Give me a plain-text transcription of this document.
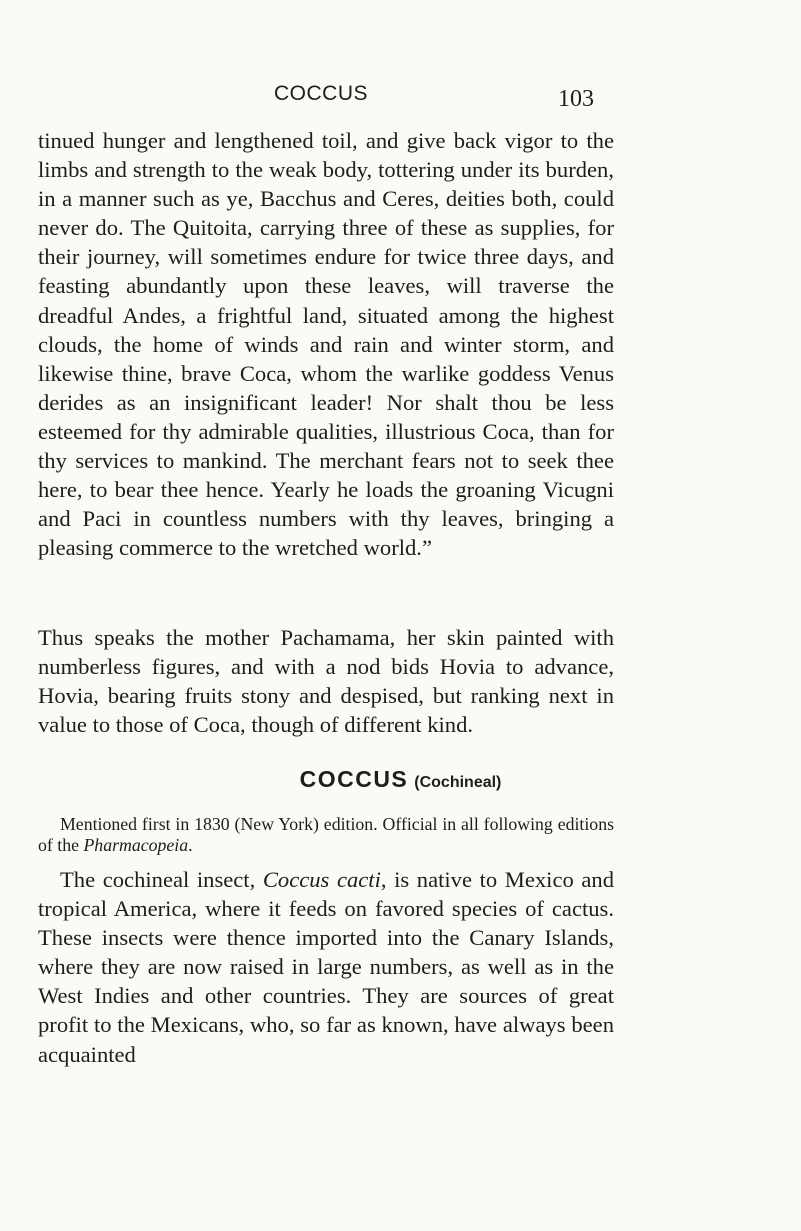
COCCUS	103

tinued hunger and lengthened toil, and give back vigor to the limbs and strength to the weak body, tottering under its burden, in a manner such as ye, Bacchus and Ceres, deities both, could never do. The Quitoita, carrying three of these as supplies, for their journey, will sometimes endure for twice three days, and feasting abundantly upon these leaves, will traverse the dreadful Andes, a frightful land, situated among the highest clouds, the home of winds and rain and winter storm, and likewise thine, brave Coca, whom the warlike goddess Venus derides as an insignificant leader! Nor shalt thou be less esteemed for thy admirable qualities, illustrious Coca, than for thy services to mankind. The merchant fears not to seek thee here, to bear thee hence. Yearly he loads the groaning Vicugni and Paci in countless numbers with thy leaves, bringing a pleasing commerce to the wretched world.”

Thus speaks the mother Pachamama, her skin painted with numberless figures, and with a nod bids Hovia to advance, Hovia, bearing fruits stony and despised, but ranking next in value to those of Coca, though of different kind.

COCCUS (Cochineal)

Mentioned first in 1830 (New York) edition. Official in all following editions of the Pharmacopeia.

The cochineal insect, Coccus cacti, is native to Mexico and tropical America, where it feeds on favored species of cactus. These insects were thence imported into the Canary Islands, where they are now raised in large numbers, as well as in the West Indies and other countries. They are sources of great profit to the Mexicans, who, so far as known, have always been acquainted
